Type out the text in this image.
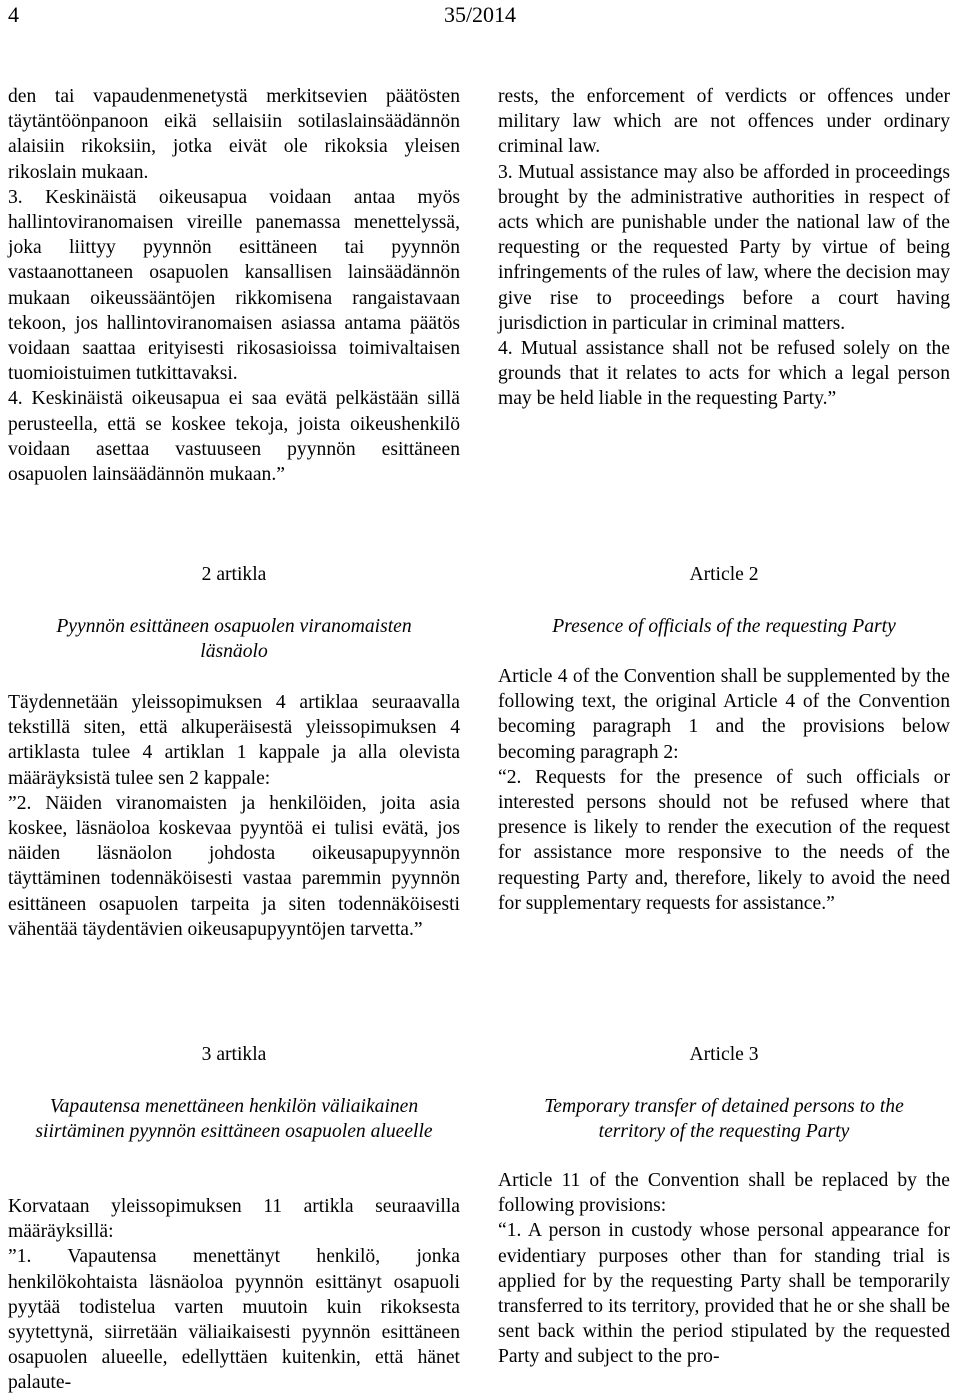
4	35/2014

den tai vapaudenmenetystä merkitsevien päätösten täytäntöönpanoon eikä sellaisiin sotilaslainsäädännön alaisiin rikoksiin, jotka eivät ole rikoksia yleisen rikoslain mukaan.

3. Keskinäistä oikeusapua voidaan antaa myös hallintoviranomaisen vireille panemassa menettelyssä, joka liittyy pyynnön esittäneen tai pyynnön vastaanottaneen osapuolen kansallisen lainsäädännön mukaan oikeussääntöjen rikkomisena rangaistavaan tekoon, jos hallintoviranomaisen asiassa antama päätös voidaan saattaa erityisesti rikosasioissa toimivaltaisen tuomioistuimen tutkittavaksi.

4. Keskinäistä oikeusapua ei saa evätä pelkästään sillä perusteella, että se koskee tekoja, joista oikeushenkilö voidaan asettaa vastuuseen pyynnön esittäneen osapuolen lainsäädännön mukaan.”

2 artikla

Pyynnön esittäneen osapuolen viranomaisten läsnäolo

Täydennetään yleissopimuksen 4 artiklaa seuraavalla tekstillä siten, että alkuperäisestä yleissopimuksen 4 artiklasta tulee 4 artiklan 1 kappale ja alla olevista määräyksistä tulee sen 2 kappale:

”2. Näiden viranomaisten ja henkilöiden, joita asia koskee, läsnäoloa koskevaa pyyntöä ei tulisi evätä, jos näiden läsnäolon johdosta oikeusapupyynnön täyttäminen todennäköisesti vastaa paremmin pyynnön esittäneen osapuolen tarpeita ja siten todennäköisesti vähentää täydentävien oikeusapupyyntöjen tarvetta.”

3 artikla

Vapautensa menettäneen henkilön väliaikainen siirtäminen pyynnön esittäneen osapuolen alueelle

Korvataan yleissopimuksen 11 artikla seuraavilla määräyksillä:

”1. Vapautensa menettänyt henkilö, jonka henkilökohtaista läsnäoloa pyynnön esittänyt osapuoli pyytää todistelua varten muutoin kuin rikoksesta syytettynä, siirretään väliaikaisesti pyynnön esittäneen osapuolen alueelle, edellyttäen kuitenkin, että hänet palaute-

rests, the enforcement of verdicts or offences under military law which are not offences under ordinary criminal law.

3. Mutual assistance may also be afforded in proceedings brought by the administrative authorities in respect of acts which are punishable under the national law of the requesting or the requested Party by virtue of being infringements of the rules of law, where the decision may give rise to proceedings before a court having jurisdiction in particular in criminal matters.

4. Mutual assistance shall not be refused solely on the grounds that it relates to acts for which a legal person may be held liable in the requesting Party.”

Article 2

Presence of officials of the requesting Party

Article 4 of the Convention shall be supplemented by the following text, the original Article 4 of the Convention becoming paragraph 1 and the provisions below becoming paragraph 2:

“2. Requests for the presence of such officials or interested persons should not be refused where that presence is likely to render the execution of the request for assistance more responsive to the needs of the requesting Party and, therefore, likely to avoid the need for supplementary requests for assistance.”

Article 3

Temporary transfer of detained persons to the territory of the requesting Party

Article 11 of the Convention shall be replaced by the following provisions:

“1. A person in custody whose personal appearance for evidentiary purposes other than for standing trial is applied for by the requesting Party shall be temporarily transferred to its territory, provided that he or she shall be sent back within the period stipulated by the requested Party and subject to the pro-
